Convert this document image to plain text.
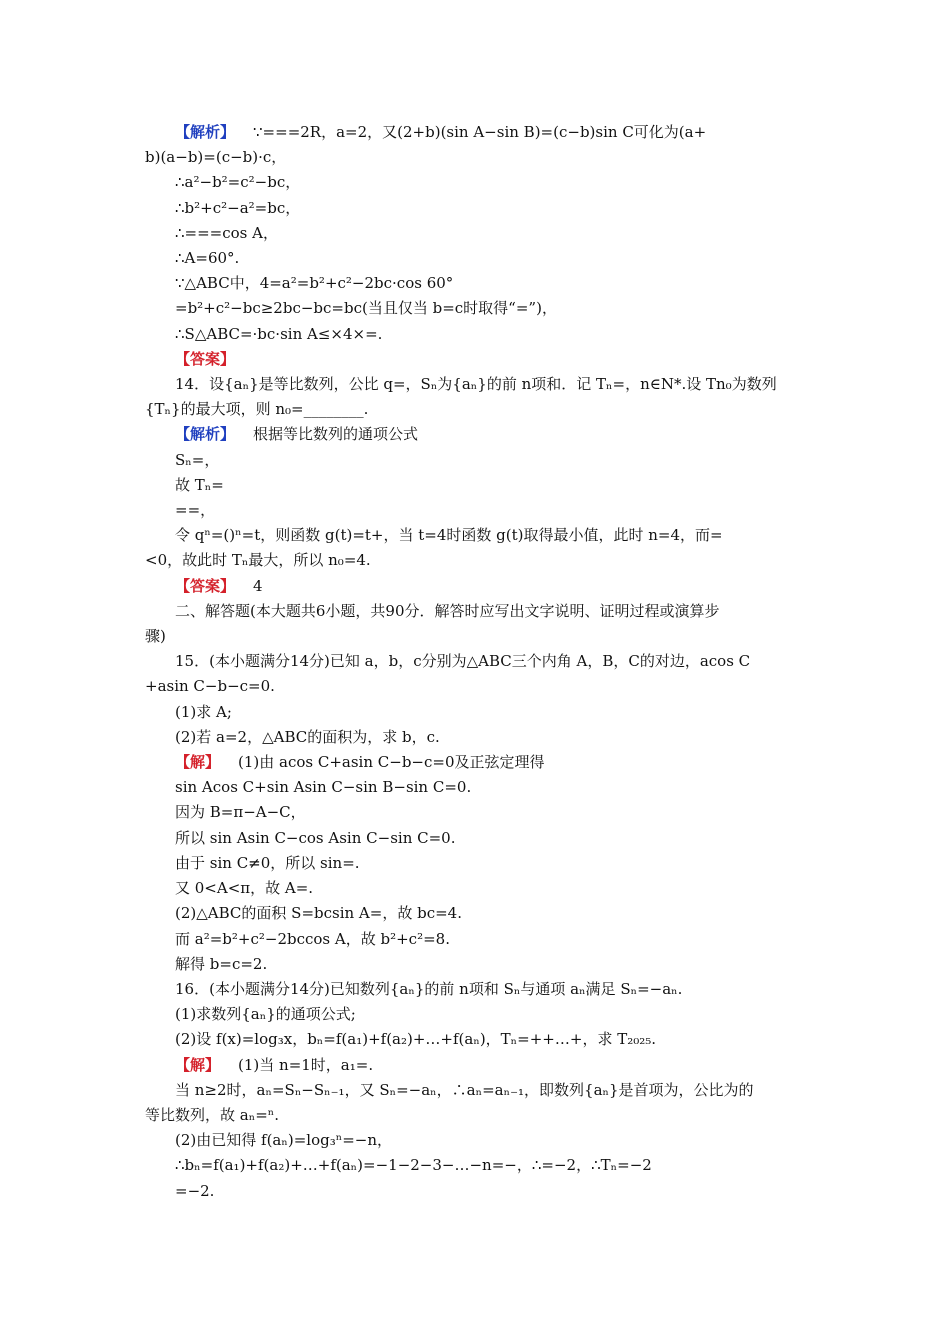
【解析】 ∵===2R，a=2，又(2+b)(sin A−sin B)=(c−b)sin C可化为(a+
b)(a−b)=(c−b)·c，
∴a²−b²=c²−bc，
∴b²+c²−a²=bc，
∴===cos A，
∴A=60°.
∵△ABC中，4=a²=b²+c²−2bc·cos 60°
=b²+c²−bc≥2bc−bc=bc(当且仅当 b=c时取得“=”)，
∴S△ABC=·bc·sin A≤×4×=.
【答案】
14．设{aₙ}是等比数列，公比 q=，Sₙ为{aₙ}的前 n项和．记 Tₙ=，n∈N*.设 Tn₀为数列
{Tₙ}的最大项，则 n₀=________.
【解析】 根据等比数列的通项公式
Sₙ=，
故 Tₙ=
==，
令 qⁿ=()ⁿ=t，则函数 g(t)=t+，当 t=4时函数 g(t)取得最小值，此时 n=4，而=
<0，故此时 Tₙ最大，所以 n₀=4.
【答案】 4
二、解答题(本大题共6小题，共90分．解答时应写出文字说明、证明过程或演算步
骤)
15．(本小题满分14分)已知 a，b，c分别为△ABC三个内角 A，B，C的对边，acos C
+asin C−b−c=0.
(1)求 A;
(2)若 a=2，△ABC的面积为，求 b，c.
【解】 (1)由 acos C+asin C−b−c=0及正弦定理得
sin Acos C+sin Asin C−sin B−sin C=0.
因为 B=π−A−C，
所以 sin Asin C−cos Asin C−sin C=0.
由于 sin C≠0，所以 sin=.
又 0<A<π，故 A=.
(2)△ABC的面积 S=bcsin A=，故 bc=4.
而 a²=b²+c²−2bccos A，故 b²+c²=8.
解得 b=c=2.
16．(本小题满分14分)已知数列{aₙ}的前 n项和 Sₙ与通项 aₙ满足 Sₙ=−aₙ.
(1)求数列{aₙ}的通项公式;
(2)设 f(x)=log₃x，bₙ=f(a₁)+f(a₂)+…+f(aₙ)，Tₙ=++…+，求 T₂₀₂₅.
【解】 (1)当 n=1时，a₁=.
当 n≥2时，aₙ=Sₙ−Sₙ₋₁，又 Sₙ=−aₙ，∴aₙ=aₙ₋₁，即数列{aₙ}是首项为，公比为的
等比数列，故 aₙ=ⁿ.
(2)由已知得 f(aₙ)=log₃ⁿ=−n，
∴bₙ=f(a₁)+f(a₂)+…+f(aₙ)=−1−2−3−…−n=−，∴=−2，∴Tₙ=−2
=−2.
